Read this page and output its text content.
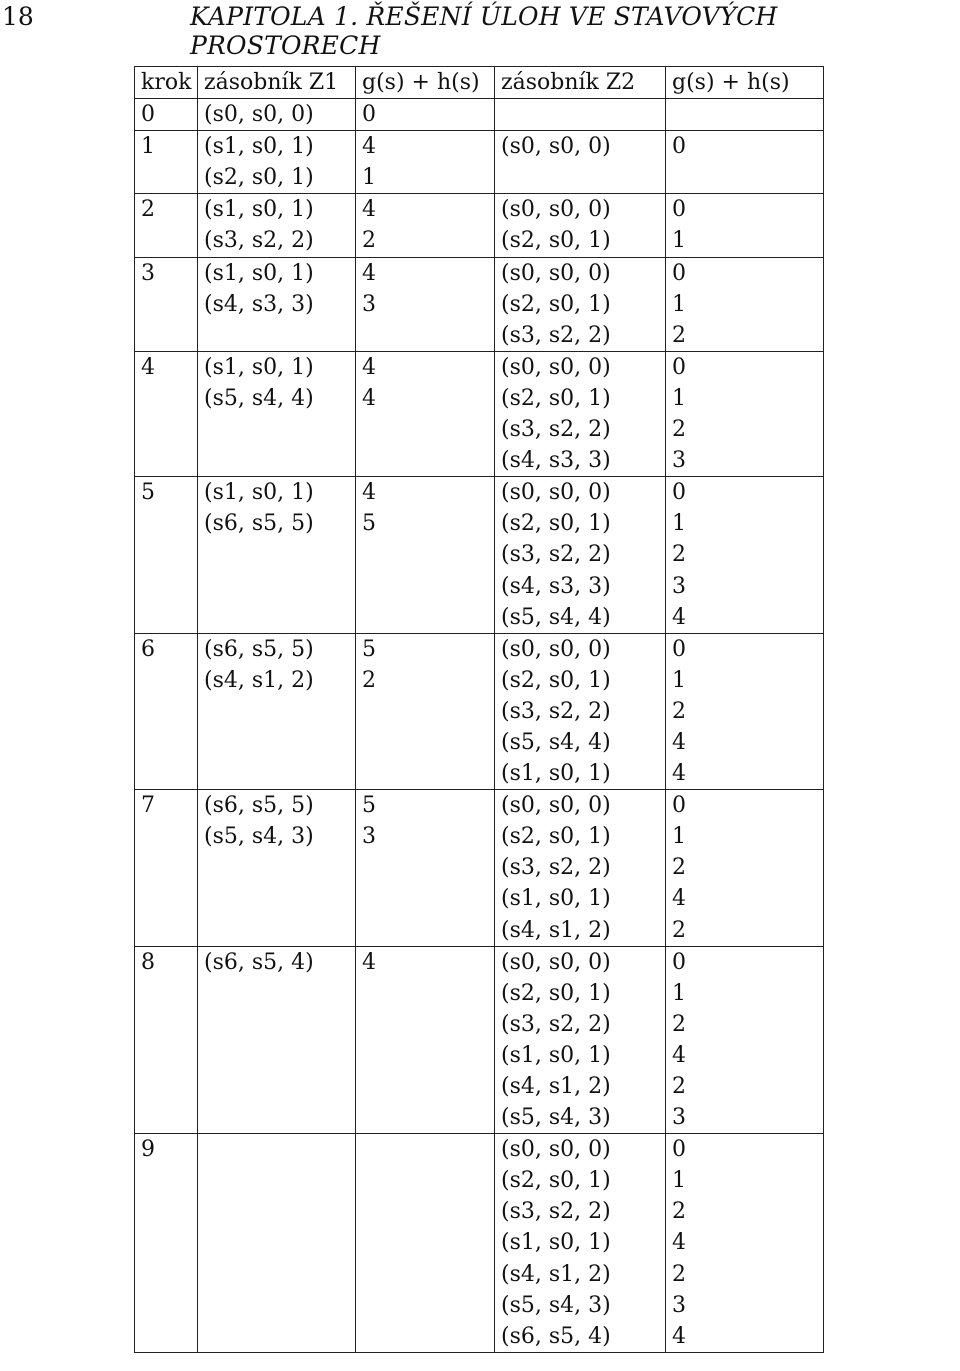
18	KAPITOLA 1. ŘEŠENÍ ÚLOH VE STAVOVÝCH PROSTORECH
krok	zásobník Z1	g(s) + h(s)	zásobník Z2	g(s) + h(s)
0	(s0, s0, 0)	0		
1	(s1, s0, 1)	4	(s0, s0, 0)	0
	(s2, s0, 1)	1		
2	(s1, s0, 1)	4	(s0, s0, 0)	0
	(s3, s2, 2)	2	(s2, s0, 1)	1
3	(s1, s0, 1)	4	(s0, s0, 0)	0
	(s4, s3, 3)	3	(s2, s0, 1)	1
			(s3, s2, 2)	2
4	(s1, s0, 1)	4	(s0, s0, 0)	0
	(s5, s4, 4)	4	(s2, s0, 1)	1
			(s3, s2, 2)	2
			(s4, s3, 3)	3
5	(s1, s0, 1)	4	(s0, s0, 0)	0
	(s6, s5, 5)	5	(s2, s0, 1)	1
			(s3, s2, 2)	2
			(s4, s3, 3)	3
			(s5, s4, 4)	4
6	(s6, s5, 5)	5	(s0, s0, 0)	0
	(s4, s1, 2)	2	(s2, s0, 1)	1
			(s3, s2, 2)	2
			(s5, s4, 4)	4
			(s1, s0, 1)	4
7	(s6, s5, 5)	5	(s0, s0, 0)	0
	(s5, s4, 3)	3	(s2, s0, 1)	1
			(s3, s2, 2)	2
			(s1, s0, 1)	4
			(s4, s1, 2)	2
8	(s6, s5, 4)	4	(s0, s0, 0)	0
			(s2, s0, 1)	1
			(s3, s2, 2)	2
			(s1, s0, 1)	4
			(s4, s1, 2)	2
			(s5, s4, 3)	3
9			(s0, s0, 0)	0
			(s2, s0, 1)	1
			(s3, s2, 2)	2
			(s1, s0, 1)	4
			(s4, s1, 2)	2
			(s5, s4, 3)	3
			(s6, s5, 4)	4
